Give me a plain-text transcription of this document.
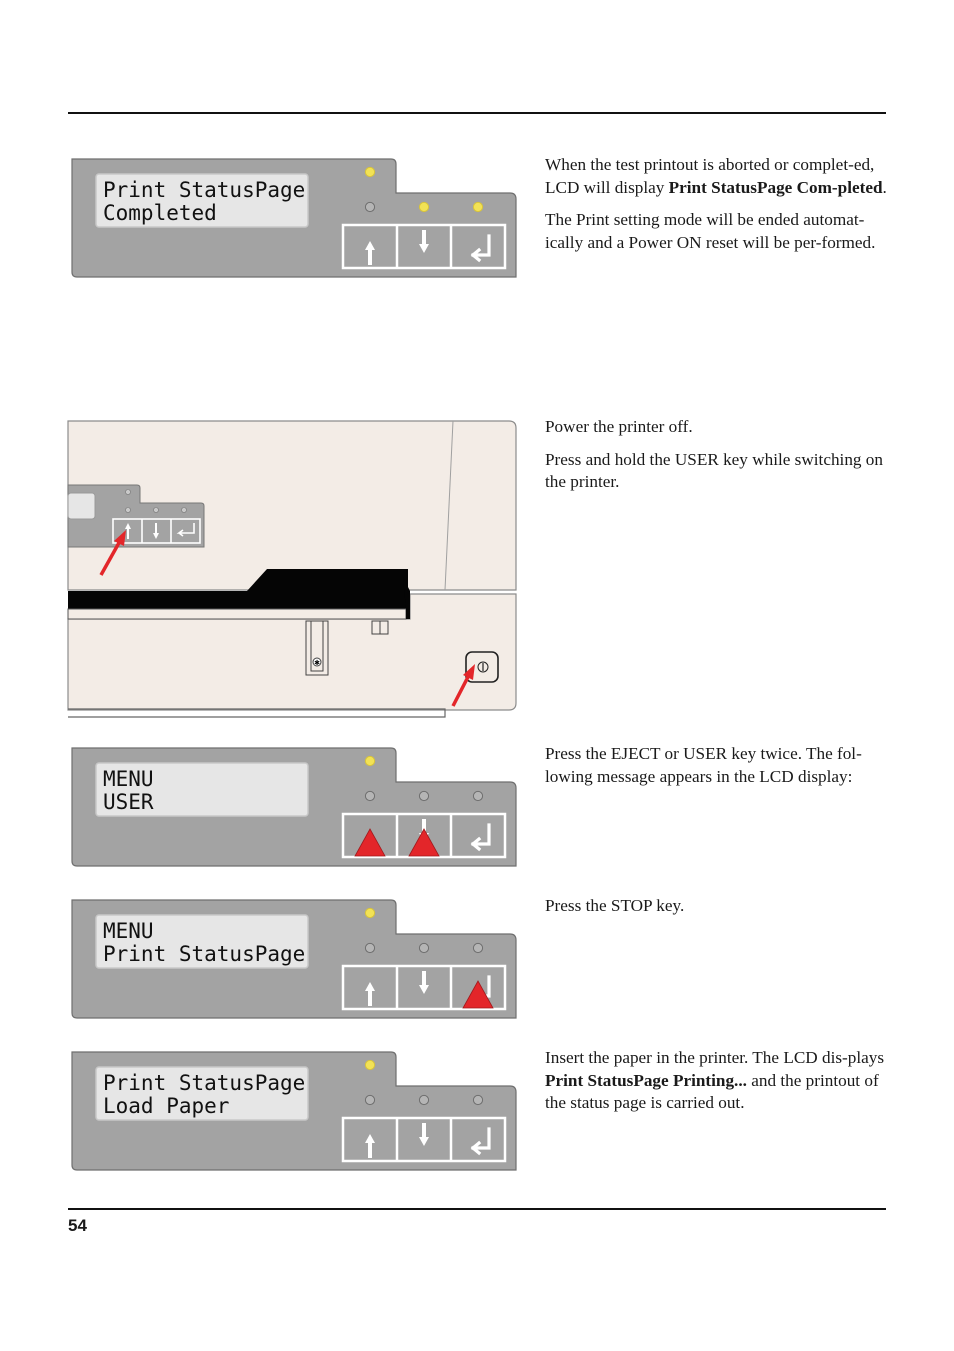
Print StatusPage
Completed

When the test printout is aborted or complet-ed, LCD will display Print StatusPage Com-pleted.

The Print setting mode will be ended automat-ically and a Power ON reset will be per-formed.

✱

Power the printer off.

Press and hold the USER key while switching on the printer.

MENU
USER

Press the EJECT or USER key twice. The fol-lowing message appears in the LCD display:

MENU
Print StatusPage

Press the STOP key.

Print StatusPage
Load Paper

Insert the paper in the printer. The LCD dis-plays Print StatusPage Printing... and the printout of the status page is carried out.

54
